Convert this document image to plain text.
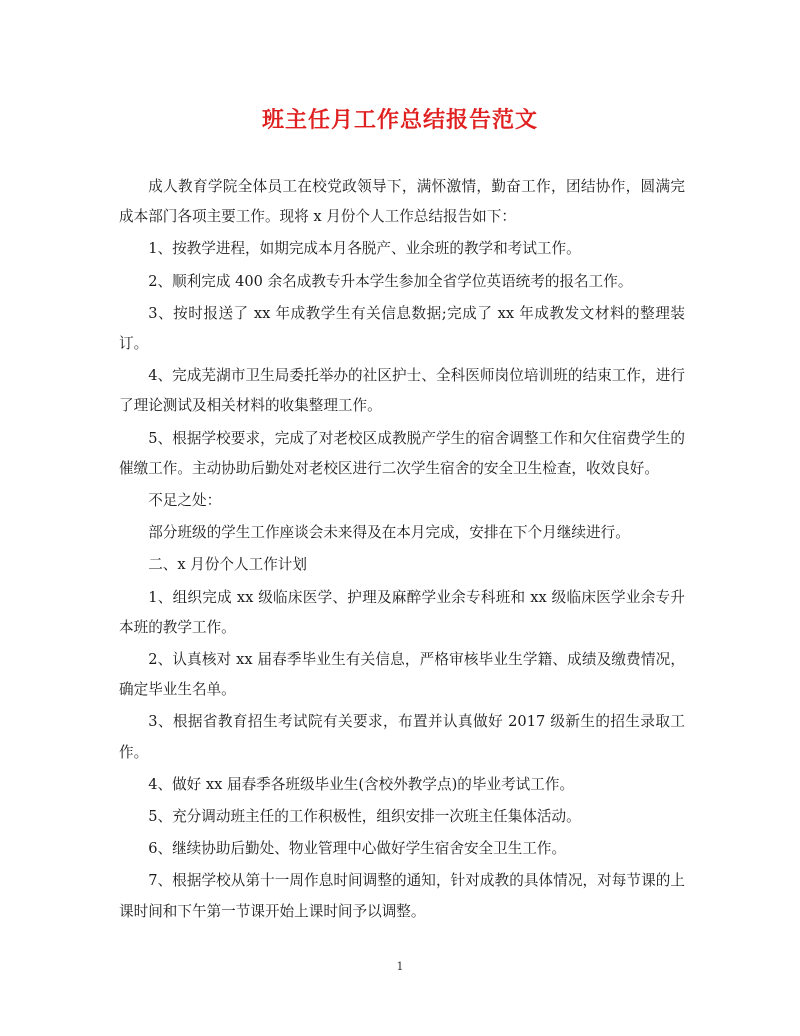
班主任月工作总结报告范文

成人教育学院全体员工在校党政领导下，满怀激情，勤奋工作，团结协作，圆满完成本部门各项主要工作。现将 x 月份个人工作总结报告如下：

1、按教学进程，如期完成本月各脱产、业余班的教学和考试工作。

2、顺利完成 400 余名成教专升本学生参加全省学位英语统考的报名工作。

3、按时报送了 xx 年成教学生有关信息数据;完成了 xx 年成教发文材料的整理装订。

4、完成芜湖市卫生局委托举办的社区护士、全科医师岗位培训班的结束工作，进行了理论测试及相关材料的收集整理工作。

5、根据学校要求，完成了对老校区成教脱产学生的宿舍调整工作和欠住宿费学生的催缴工作。主动协助后勤处对老校区进行二次学生宿舍的安全卫生检查，收效良好。

不足之处：

部分班级的学生工作座谈会未来得及在本月完成，安排在下个月继续进行。

二、x 月份个人工作计划

1、组织完成 xx 级临床医学、护理及麻醉学业余专科班和 xx 级临床医学业余专升本班的教学工作。

2、认真核对 xx 届春季毕业生有关信息，严格审核毕业生学籍、成绩及缴费情况，确定毕业生名单。

3、根据省教育招生考试院有关要求，布置并认真做好 2017 级新生的招生录取工作。

4、做好 xx 届春季各班级毕业生(含校外教学点)的毕业考试工作。

5、充分调动班主任的工作积极性，组织安排一次班主任集体活动。

6、继续协助后勤处、物业管理中心做好学生宿舍安全卫生工作。

7、根据学校从第十一周作息时间调整的通知，针对成教的具体情况，对每节课的上课时间和下午第一节课开始上课时间予以调整。

1
